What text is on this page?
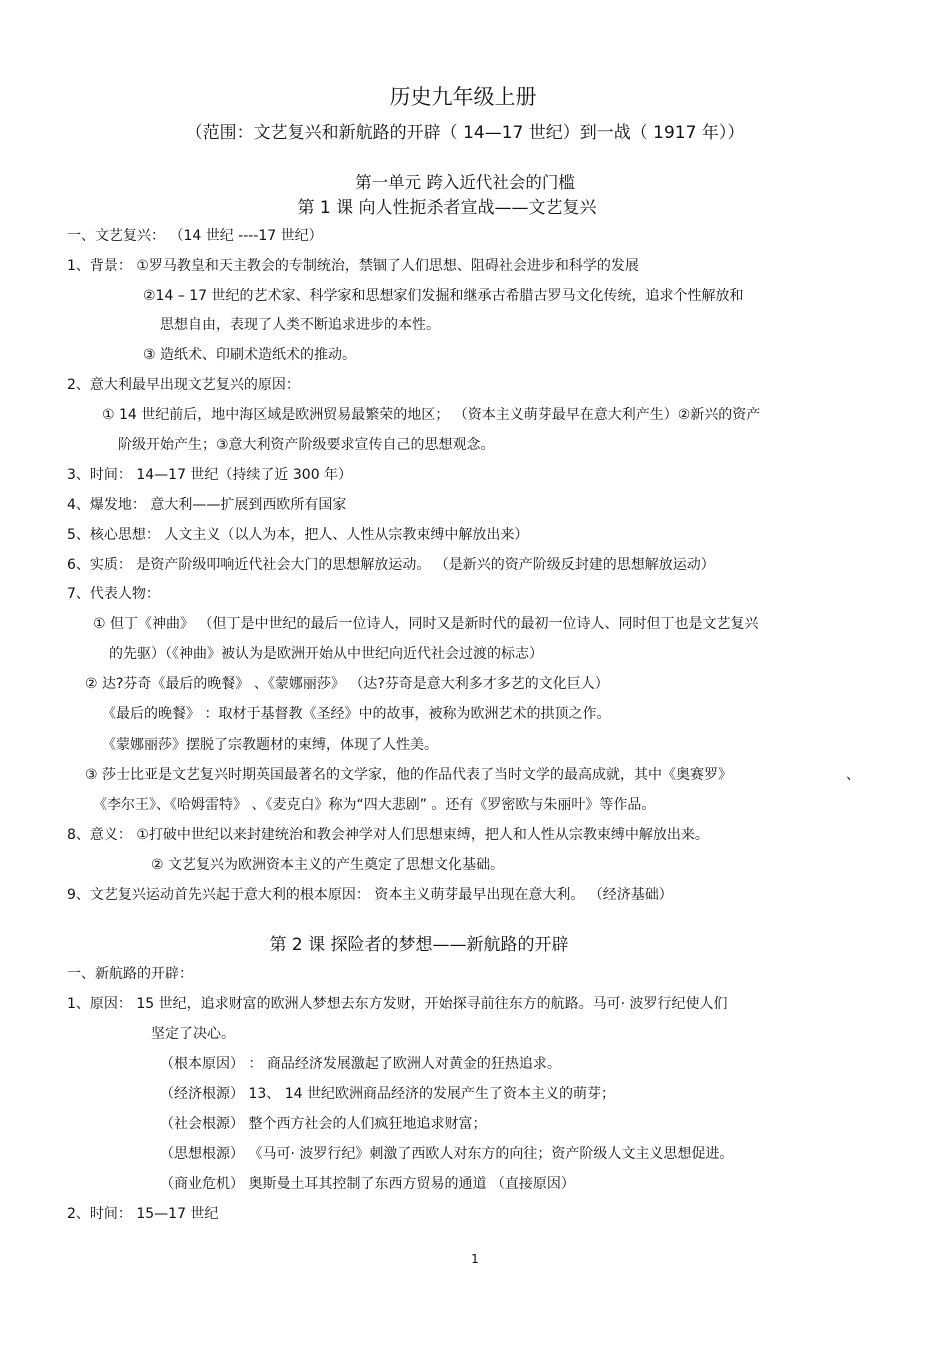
历史九年级上册
（范围：文艺复兴和新航路的开辟（ 14—17 世纪）到一战（ 1917 年））
第一单元 跨入近代社会的门槛
第 1 课 向人性扼杀者宣战——文艺复兴
一、文艺复兴： （14 世纪 ----17 世纪）
1、背景： ①罗马教皇和天主教会的专制统治，禁锢了人们思想、阻碍社会进步和科学的发展
②14 – 17 世纪的艺术家、科学家和思想家们发掘和继承古希腊古罗马文化传统，追求个性解放和
思想自由，表现了人类不断追求进步的本性。
③ 造纸术、印刷术造纸术的推动。
2、意大利最早出现文艺复兴的原因：
① 14 世纪前后，地中海区域是欧洲贸易最繁荣的地区； （资本主义萌芽最早在意大利产生）②新兴的资产
阶级开始产生；③意大利资产阶级要求宣传自己的思想观念。
3、时间： 14—17 世纪（持续了近 300 年）
4、爆发地： 意大利——扩展到西欧所有国家
5、核心思想： 人文主义（以人为本，把人、人性从宗教束缚中解放出来）
6、实质： 是资产阶级叩响近代社会大门的思想解放运动。 （是新兴的资产阶级反封建的思想解放运动）
7、代表人物：
① 但丁《神曲》 （但丁是中世纪的最后一位诗人，同时又是新时代的最初一位诗人、同时但丁也是文艺复兴
的先驱）（《神曲》被认为是欧洲开始从中世纪向近代社会过渡的标志）
② 达?芬奇《最后的晚餐》 、《蒙娜丽莎》 （达?芬奇是意大利多才多艺的文化巨人）
《最后的晚餐》 ：取材于基督教《圣经》中的故事，被称为欧洲艺术的拱顶之作。
《蒙娜丽莎》摆脱了宗教题材的束缚，体现了人性美。
③ 莎士比亚是文艺复兴时期英国最著名的文学家，他的作品代表了当时文学的最高成就，其中《奥赛罗》	、
《李尔王》、《哈姆雷特》 、《麦克白》称为“四大悲剧” 。还有《罗密欧与朱丽叶》等作品。
8、意义： ①打破中世纪以来封建统治和教会神学对人们思想束缚，把人和人性从宗教束缚中解放出来。
② 文艺复兴为欧洲资本主义的产生奠定了思想文化基础。
9、文艺复兴运动首先兴起于意大利的根本原因： 资本主义萌芽最早出现在意大利。 （经济基础）
第 2 课 探险者的梦想——新航路的开辟
一、新航路的开辟：
1、原因： 15 世纪，追求财富的欧洲人梦想去东方发财，开始探寻前往东方的航路。马可· 波罗行纪使人们
坚定了决心。
（根本原因） ： 商品经济发展激起了欧洲人对黄金的狂热追求。
（经济根源） 13、 14 世纪欧洲商品经济的发展产生了资本主义的萌芽；
（社会根源） 整个西方社会的人们疯狂地追求财富；
（思想根源） 《马可· 波罗行纪》刺激了西欧人对东方的向往；资产阶级人文主义思想促进。
（商业危机） 奥斯曼土耳其控制了东西方贸易的通道 （直接原因）
2、时间： 15—17 世纪
1
